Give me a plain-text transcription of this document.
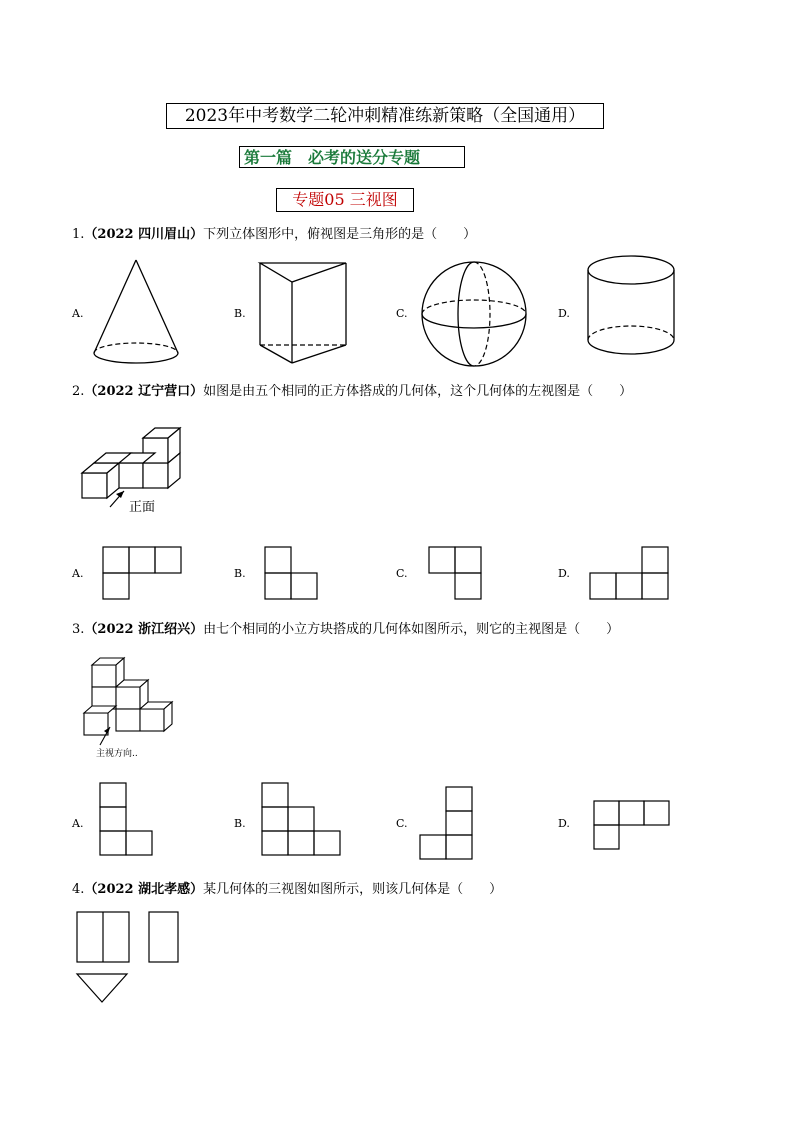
2023年中考数学二轮冲刺精准练新策略（全国通用）
第一篇　必考的送分专题
专题05 三视图
1.（2022 四川眉山）下列立体图形中，俯视图是三角形的是（　　）
A.	B.	C.	D.
2.（2022 辽宁营口）如图是由五个相同的正方体搭成的几何体，这个几何体的左视图是（　　）
正面
A.	B.	C.	D.
3.（2022 浙江绍兴）由七个相同的小立方块搭成的几何体如图所示，则它的主视图是（　　）
主视方向..
A.	B.	C.	D.
4.（2022 湖北孝感）某几何体的三视图如图所示，则该几何体是（　　）
